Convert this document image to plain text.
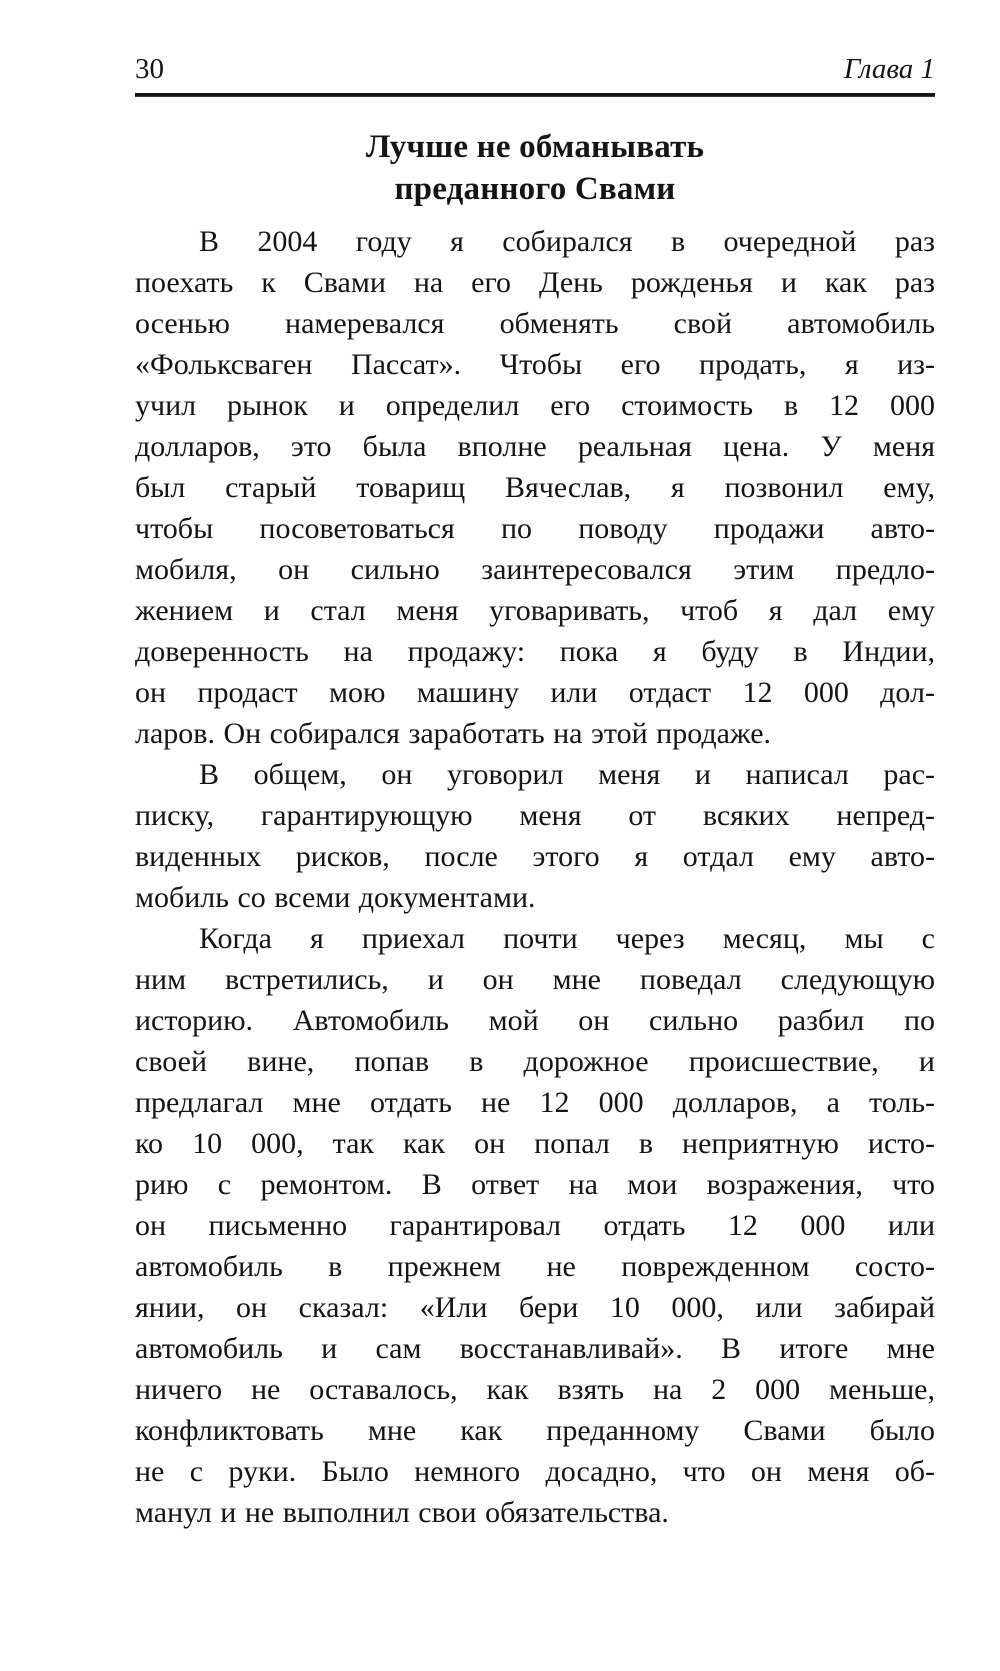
30	Глава 1
Лучше не обманывать
преданного Свами

В 2004 году я собирался в очередной раз
поехать к Свами на его День рожденья и как раз
осенью намеревался обменять свой автомобиль
«Фольксваген Пассат». Чтобы его продать, я из-
учил рынок и определил его стоимость в 12 000
долларов, это была вполне реальная цена. У меня
был старый товарищ Вячеслав, я позвонил ему,
чтобы посоветоваться по поводу продажи авто-
мобиля, он сильно заинтересовался этим предло-
жением и стал меня уговаривать, чтоб я дал ему
доверенность на продажу: пока я буду в Индии,
он продаст мою машину или отдаст 12 000 дол-
ларов. Он собирался заработать на этой продаже.

В общем, он уговорил меня и написал рас-
писку, гарантирующую меня от всяких непред-
виденных рисков, после этого я отдал ему авто-
мобиль со всеми документами.

Когда я приехал почти через месяц, мы с
ним встретились, и он мне поведал следующую
историю. Автомобиль мой он сильно разбил по
своей вине, попав в дорожное происшествие, и
предлагал мне отдать не 12 000 долларов, а толь-
ко 10 000, так как он попал в неприятную исто-
рию с ремонтом. В ответ на мои возражения, что
он письменно гарантировал отдать 12 000 или
автомобиль в прежнем не поврежденном состо-
янии, он сказал: «Или бери 10 000, или забирай
автомобиль и сам восстанавливай». В итоге мне
ничего не оставалось, как взять на 2 000 меньше,
конфликтовать мне как преданному Свами было
не с руки. Было немного досадно, что он меня об-
манул и не выполнил свои обязательства.
